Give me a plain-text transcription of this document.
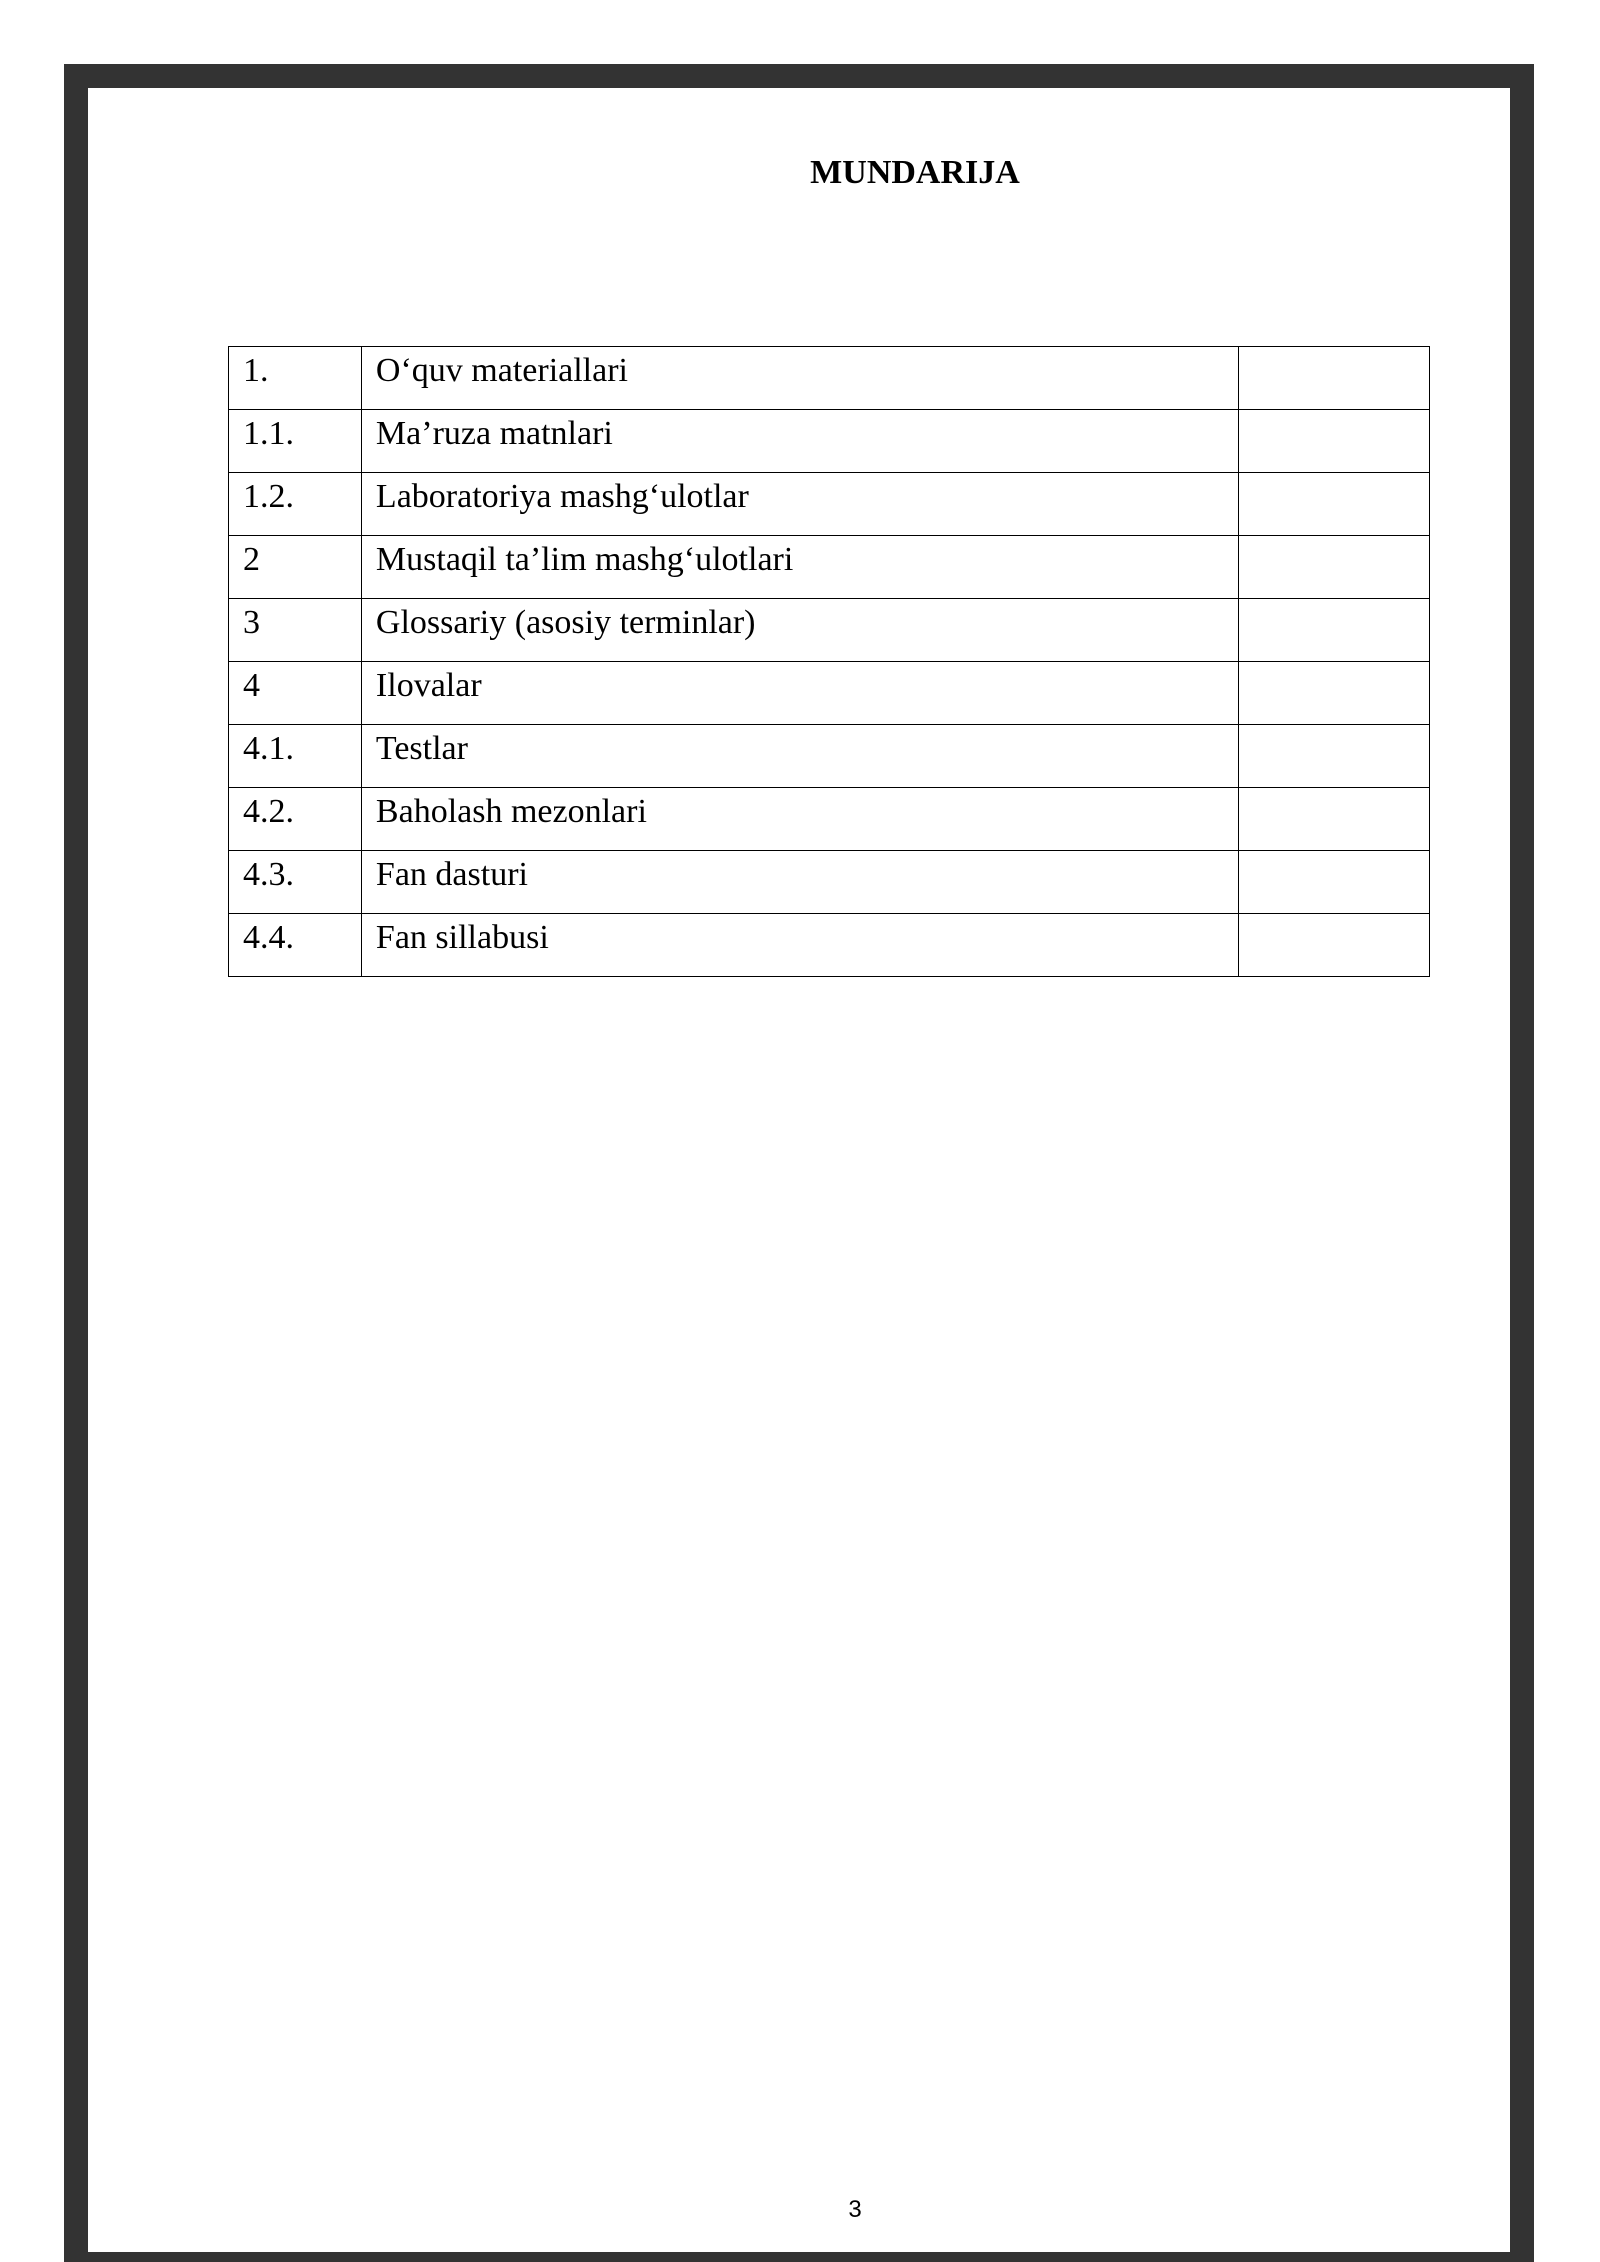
MUNDARIJA
1.	O‘quv materiallari	
1.1.	Ma’ruza matnlari	
1.2.	Laboratoriya mashg‘ulotlar	
2	Mustaqil ta’lim mashg‘ulotlari	
3	Glossariy (asosiy terminlar)	
4	Ilovalar	
4.1.	Testlar	
4.2.	Baholash mezonlari	
4.3.	Fan dasturi	
4.4.	Fan sillabusi	
3
